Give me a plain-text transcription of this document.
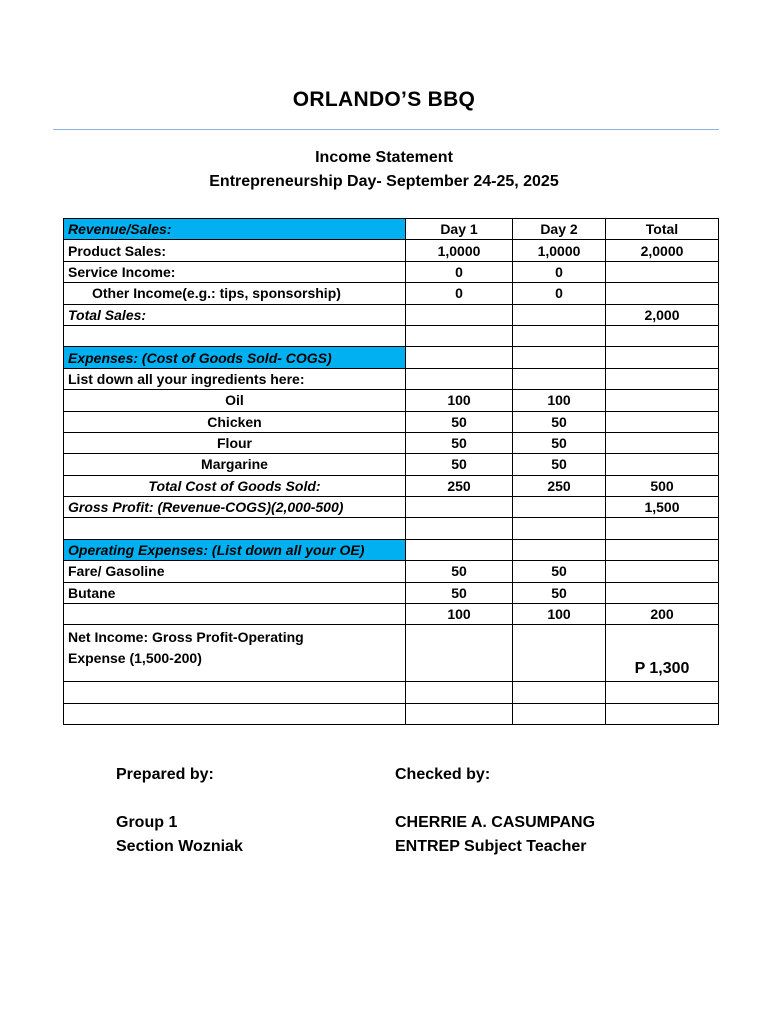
ORLANDO’S BBQ
Income Statement
Entrepreneurship Day- September 24-25, 2025
Revenue/Sales:	Day 1	Day 2	Total
Product Sales:	1,0000	1,0000	2,0000
Service Income:	0	0	
Other Income(e.g.: tips, sponsorship)	0	0	
Total Sales:			2,000

Expenses: (Cost of Goods Sold- COGS)			
List down all your ingredients here:			
Oil	100	100	
Chicken	50	50	
Flour	50	50	
Margarine	50	50	
Total Cost of Goods Sold:	250	250	500
Gross Profit: (Revenue-COGS)(2,000-500)			1,500

Operating Expenses: (List down all your OE)			
Fare/ Gasoline	50	50	
Butane	50	50	
	100	100	200
Net Income: Gross Profit-Operating Expense (1,500-200)			P 1,300

Prepared by:
Group 1
Section Wozniak
Checked by:
CHERRIE A. CASUMPANG
ENTREP Subject Teacher
